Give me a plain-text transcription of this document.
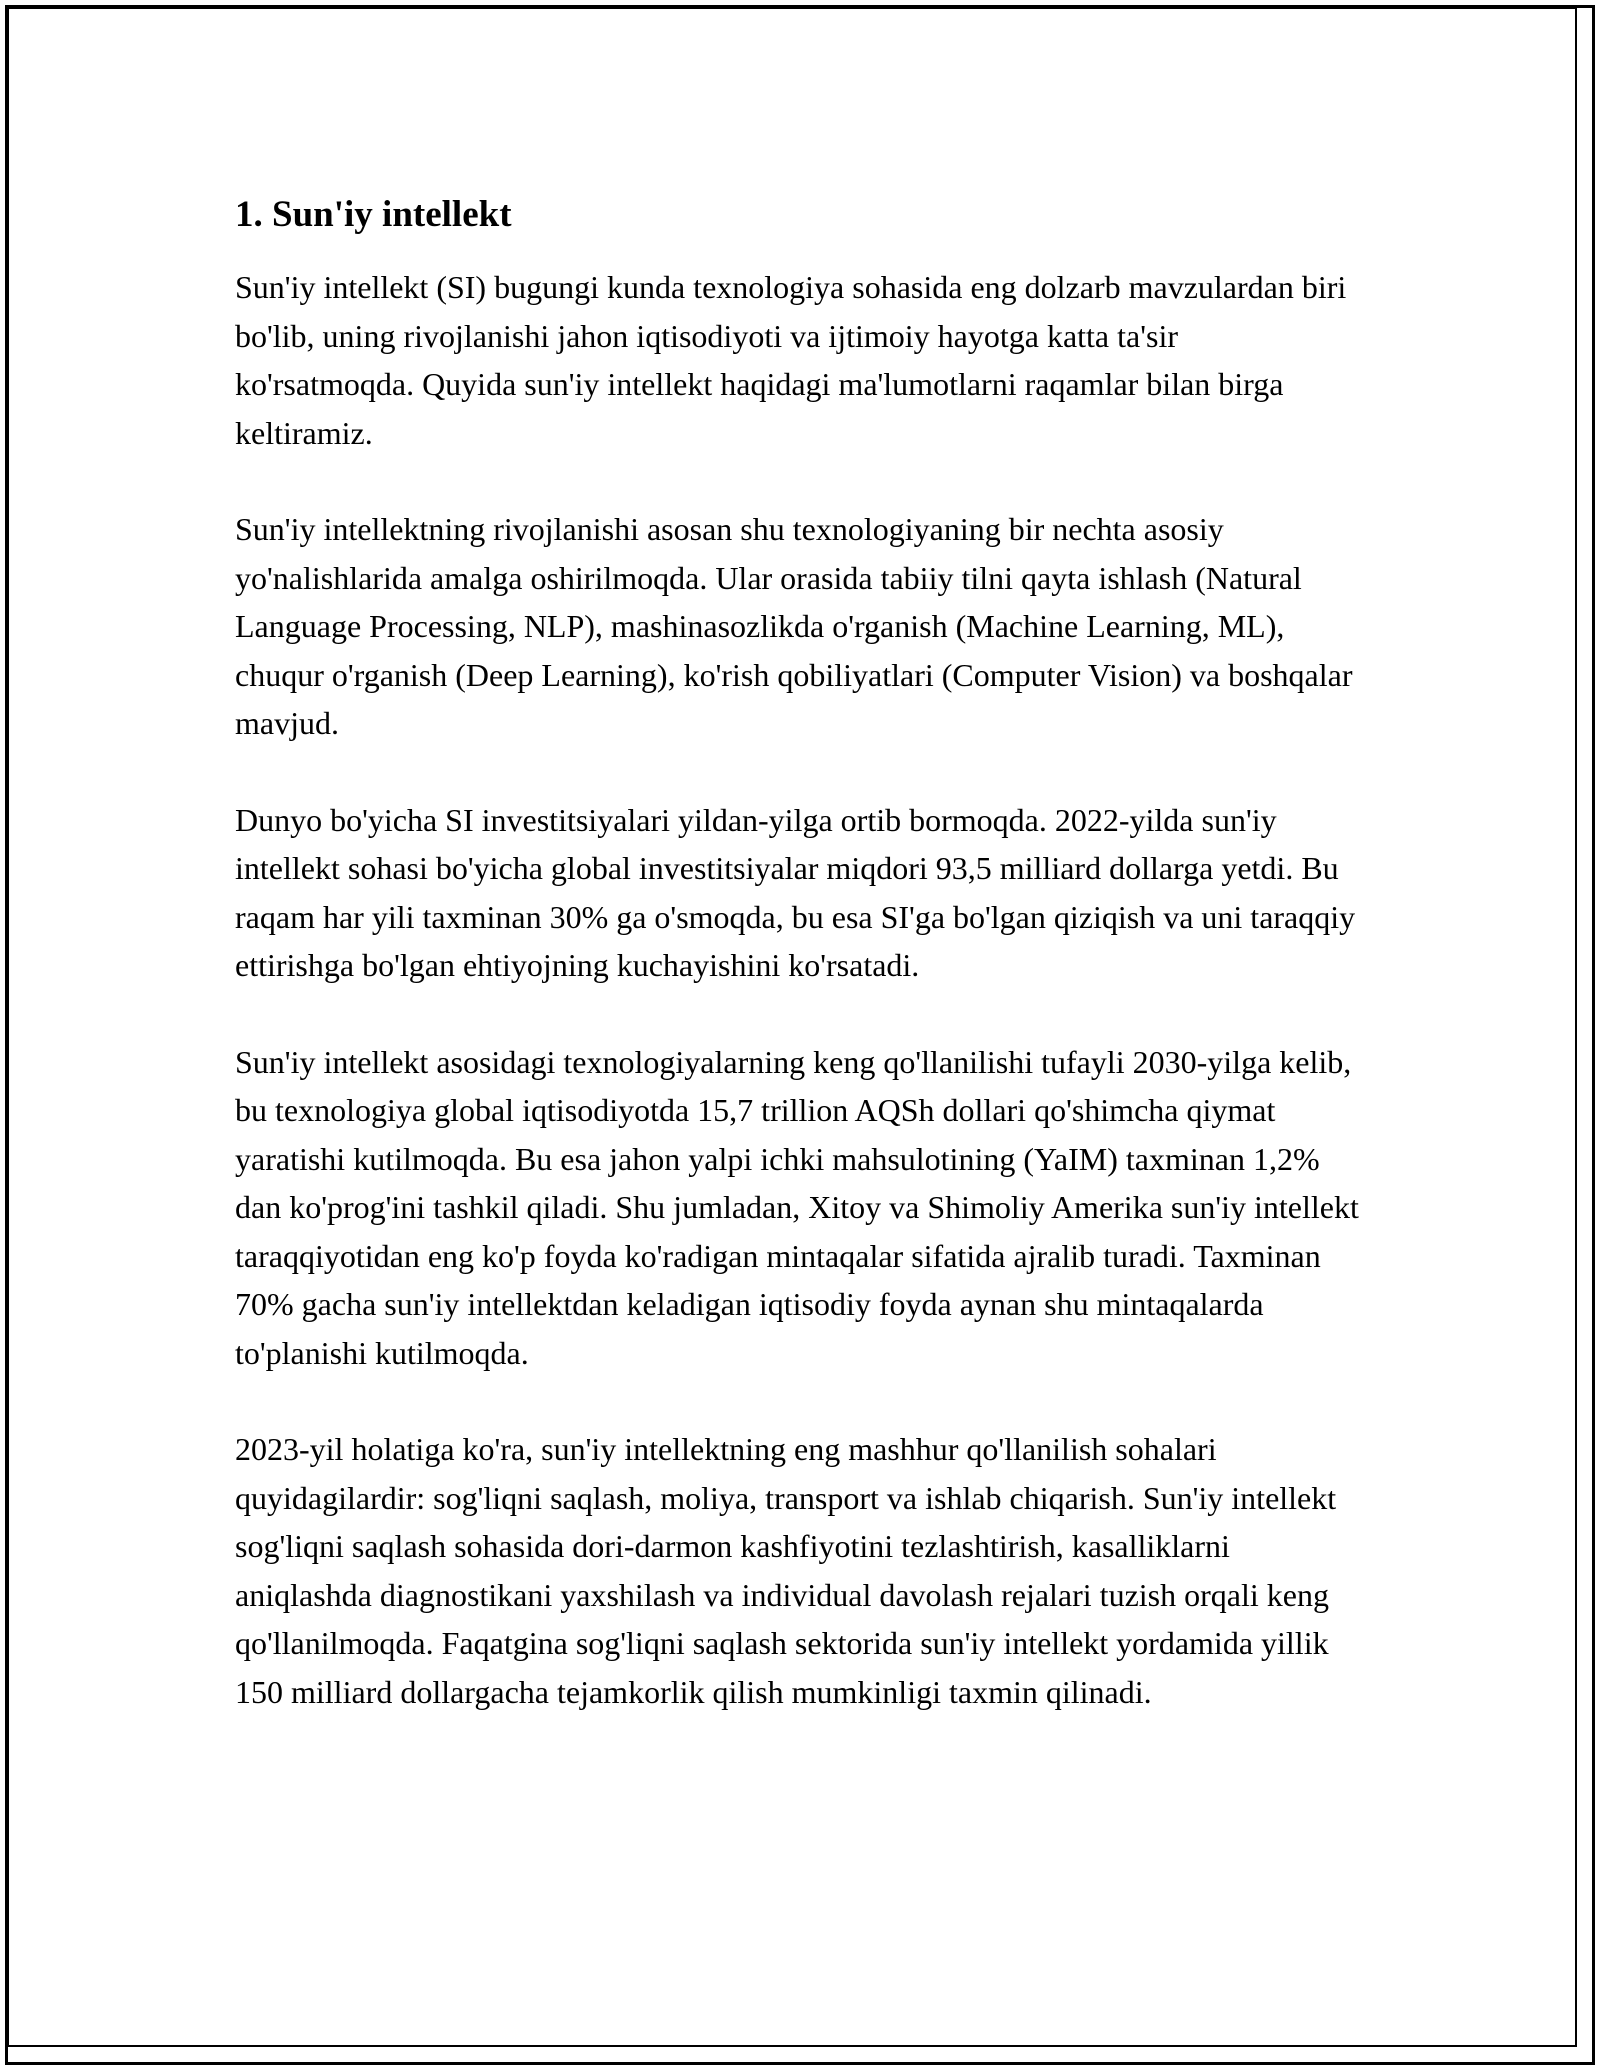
1. Sun'iy intellekt

Sun'iy intellekt (SI) bugungi kunda texnologiya sohasida eng dolzarb mavzulardan biri bo'lib, uning rivojlanishi jahon iqtisodiyoti va ijtimoiy hayotga katta ta'sir ko'rsatmoqda. Quyida sun'iy intellekt haqidagi ma'lumotlarni raqamlar bilan birga keltiramiz.

Sun'iy intellektning rivojlanishi asosan shu texnologiyaning bir nechta asosiy yo'nalishlarida amalga oshirilmoqda. Ular orasida tabiiy tilni qayta ishlash (Natural Language Processing, NLP), mashinasozlikda o'rganish (Machine Learning, ML), chuqur o'rganish (Deep Learning), ko'rish qobiliyatlari (Computer Vision) va boshqalar mavjud.

Dunyo bo'yicha SI investitsiyalari yildan-yilga ortib bormoqda. 2022-yilda sun'iy intellekt sohasi bo'yicha global investitsiyalar miqdori 93,5 milliard dollarga yetdi. Bu raqam har yili taxminan 30% ga o'smoqda, bu esa SI'ga bo'lgan qiziqish va uni taraqqiy ettirishga bo'lgan ehtiyojning kuchayishini ko'rsatadi.

Sun'iy intellekt asosidagi texnologiyalarning keng qo'llanilishi tufayli 2030-yilga kelib, bu texnologiya global iqtisodiyotda 15,7 trillion AQSh dollari qo'shimcha qiymat yaratishi kutilmoqda. Bu esa jahon yalpi ichki mahsulotining (YaIM) taxminan 1,2% dan ko'prog'ini tashkil qiladi. Shu jumladan, Xitoy va Shimoliy Amerika sun'iy intellekt taraqqiyotidan eng ko'p foyda ko'radigan mintaqalar sifatida ajralib turadi. Taxminan 70% gacha sun'iy intellektdan keladigan iqtisodiy foyda aynan shu mintaqalarda to'planishi kutilmoqda.

2023-yil holatiga ko'ra, sun'iy intellektning eng mashhur qo'llanilish sohalari quyidagilardir: sog'liqni saqlash, moliya, transport va ishlab chiqarish. Sun'iy intellekt sog'liqni saqlash sohasida dori-darmon kashfiyotini tezlashtirish, kasalliklarni aniqlashda diagnostikani yaxshilash va individual davolash rejalari tuzish orqali keng qo'llanilmoqda. Faqatgina sog'liqni saqlash sektorida sun'iy intellekt yordamida yillik 150 milliard dollargacha tejamkorlik qilish mumkinligi taxmin qilinadi.
